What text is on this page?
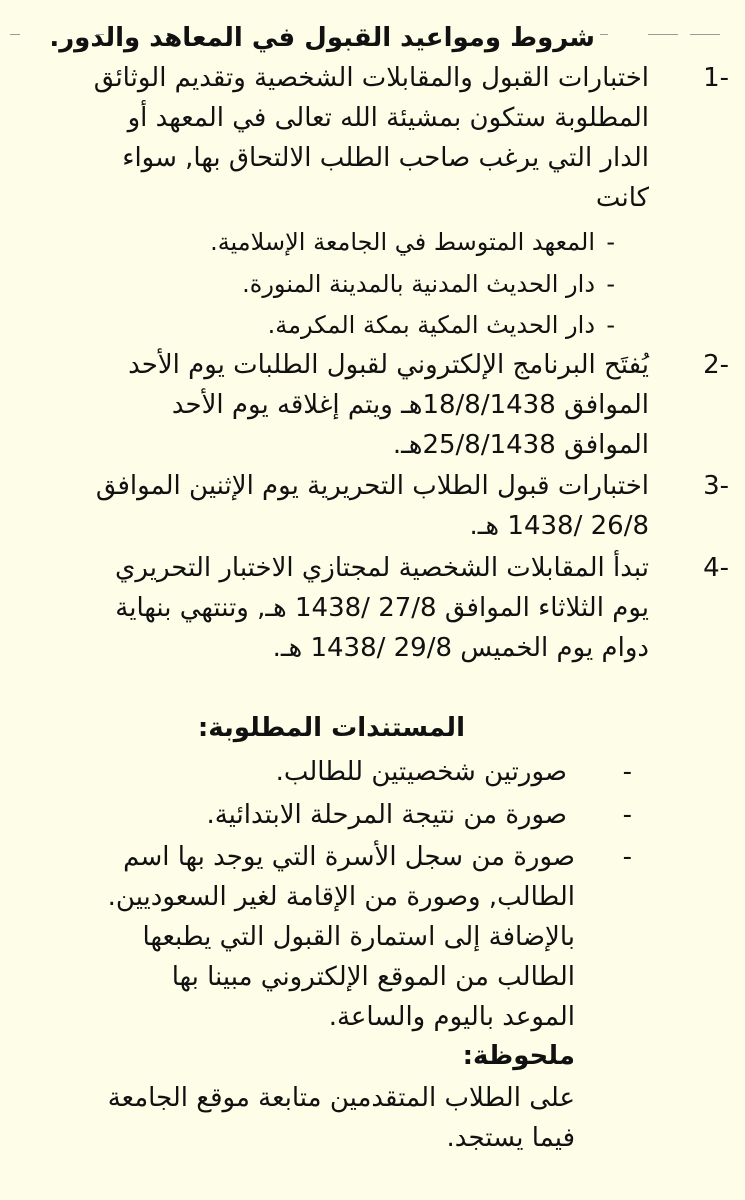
شروط ومواعيد القبول في المعاهد والدور.
1-
اختبارات القبول والمقابلات الشخصية وتقديم الوثائق المطلوبة ستكون بمشيئة الله تعالى في المعهد أو الدار التي يرغب صاحب الطلب الالتحاق بها, سواء كانت
-
المعهد المتوسط في الجامعة الإسلامية.
-
دار الحديث المدنية بالمدينة المنورة.
-
دار الحديث المكية بمكة المكرمة.
2-
يُفتَح البرنامج الإلكتروني لقبول الطلبات يوم الأحد الموافق 18/8/1438هـ ويتم إغلاقه يوم الأحد الموافق 25/8/1438هـ.
3-
اختبارات قبول الطلاب التحريرية يوم الإثنين الموافق 26/8 /1438 هـ.
4-
تبدأ المقابلات الشخصية لمجتازي الاختبار التحريري يوم الثلاثاء الموافق 27/8 /1438 هـ, وتنتهي بنهاية دوام يوم الخميس 29/8 /1438 هـ.
المستندات المطلوبة:
-
صورتين شخصيتين للطالب.
-
صورة من نتيجة المرحلة الابتدائية.
-
صورة من سجل الأسرة التي يوجد بها اسم الطالب, وصورة من الإقامة لغير السعوديين. بالإضافة إلى استمارة القبول التي يطبعها الطالب من الموقع الإلكتروني مبينا بها الموعد باليوم والساعة.
ملحوظة:
على الطلاب المتقدمين متابعة موقع الجامعة فيما يستجد.
